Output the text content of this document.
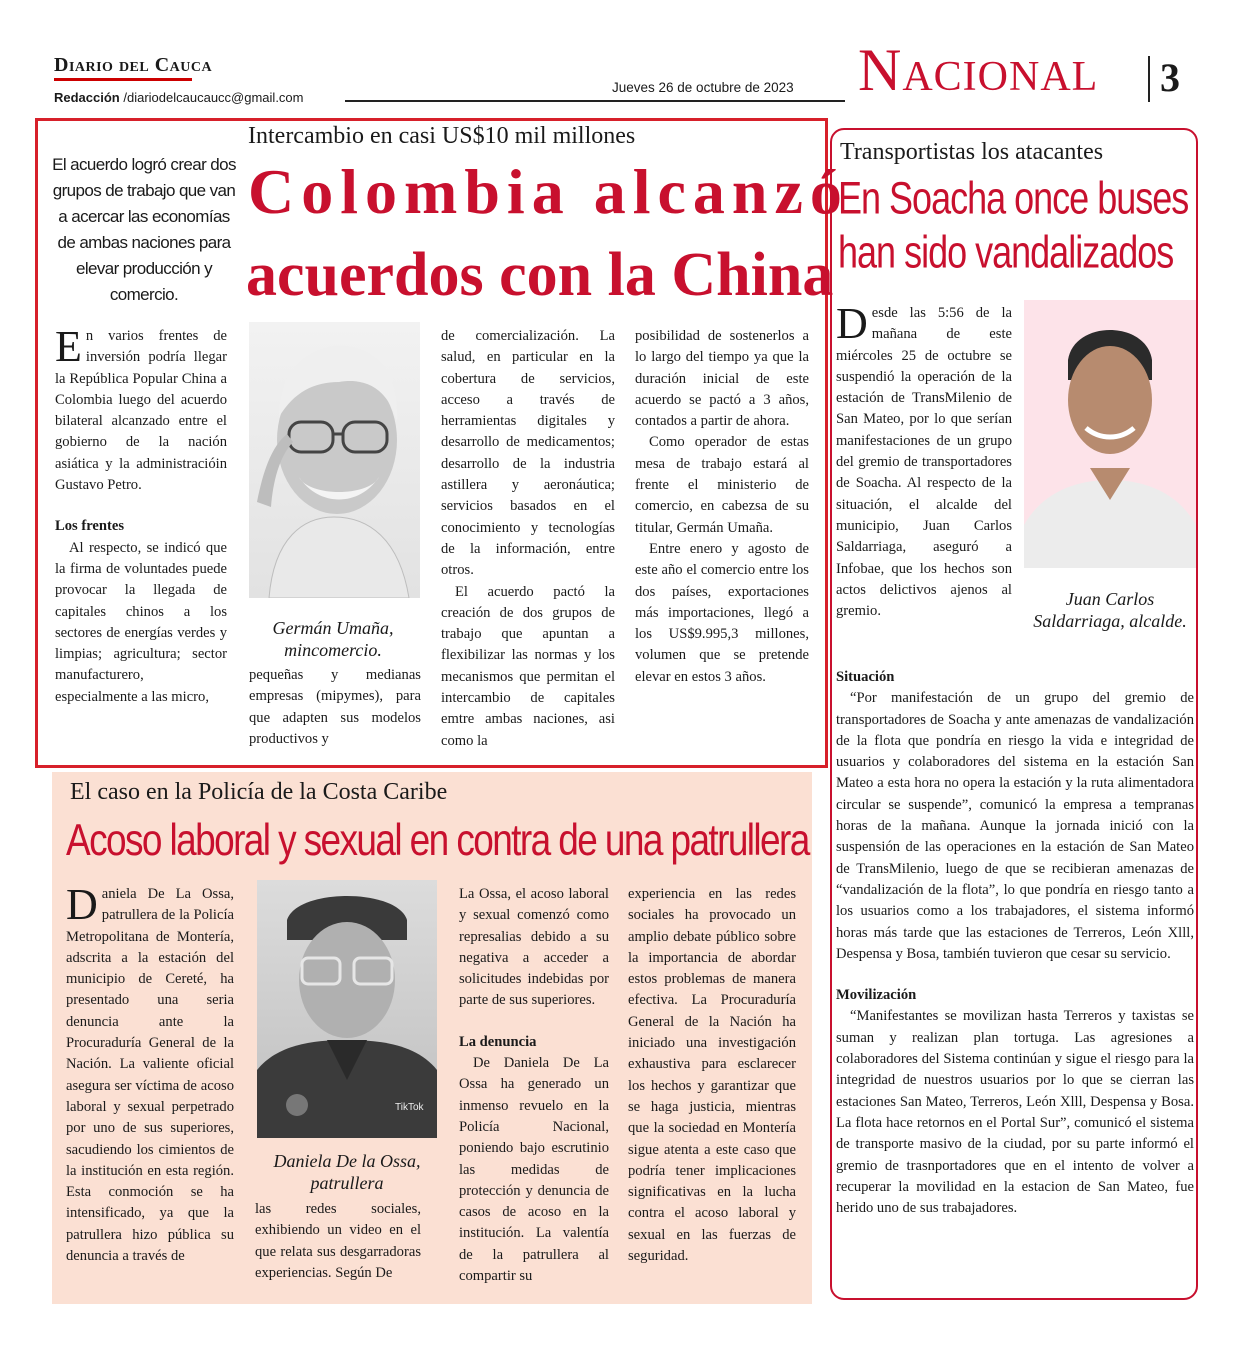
Diario del Cauca
Redacción /diariodelcaucaucc@gmail.com
Jueves 26 de octubre de 2023 Nacional 3
Intercambio en casi US$10 mil millones
Colombia alcanzó
acuerdos con la China
El acuerdo logró crear dos grupos de trabajo que van a acercar las economías de ambas naciones para elevar producción y comercio.
Germán Umaña,
mincomercio.

En varios frentes de inversión podría llegar la República Popular China a Colombia luego del acuerdo bilateral alcanzado entre el gobierno de la nación asiática y la administracióin Gustavo Petro.

Los frentes

Al respecto, se indicó que la firma de voluntades puede provocar la llegada de capitales chinos a los sectores de energías verdes y limpias; agricultura; sector manufacturero, especialmente a las micro,

pequeñas y medianas empresas (mipymes), para que adapten sus modelos productivos y

de comercialización. La salud, en particular en la cobertura de servicios, acceso a través de herramientas digitales y desarrollo de medicamentos; desarrollo de la industria astillera y aeronáutica; servicios basados en el conocimiento y tecnologías de la información, entre otros.

El acuerdo pactó la creación de dos grupos de trabajo que apuntan a flexibilizar las normas y los mecanismos que permitan el intercambio de capitales emtre ambas naciones, asi como la

posibilidad de sostenerlos a lo largo del tiempo ya que la duración inicial de este acuerdo se pactó a 3 años, contados a partir de ahora.

Como operador de estas mesa de trabajo estará al frente el ministerio de comercio, en cabezsa de su titular, Germán Umaña.

Entre enero y agosto de este año el comercio entre los dos países, exportaciones más importaciones, llegó a los US$9.995,3 millones, volumen que se pretende elevar en estos 3 años.

El caso en la Policía de la Costa Caribe
Acoso laboral y sexual en contra de una patrullera
TikTok
Daniela De la Ossa,
patrullera

Daniela De La Ossa, patrullera de la Policía Metropolitana de Montería, adscrita a la estación del municipio de Cereté, ha presentado una seria denuncia ante la Procuraduría General de la Nación. La valiente oficial asegura ser víctima de acoso laboral y sexual perpetrado por uno de sus superiores, sacudiendo los cimientos de la institución en esta región. Esta conmoción se ha intensificado, ya que la patrullera hizo pública su denuncia a través de

las redes sociales, exhibiendo un video en el que relata sus desgarradoras experiencias. Según De

La Ossa, el acoso laboral y sexual comenzó como represalias debido a su negativa a acceder a solicitudes indebidas por parte de sus superiores.

La denuncia

De Daniela De La Ossa ha generado un inmenso revuelo en la Policía Nacional, poniendo bajo escrutinio las medidas de protección y denuncia de casos de acoso en la institución. La valentía de la patrullera al compartir su

experiencia en las redes sociales ha provocado un amplio debate público sobre la importancia de abordar estos problemas de manera efectiva. La Procuraduría General de la Nación ha iniciado una investigación exhaustiva para esclarecer los hechos y garantizar que se haga justicia, mientras que la sociedad en Montería sigue atenta a este caso que podría tener implicaciones significativas en la lucha contra el acoso laboral y sexual en las fuerzas de seguridad.

Transportistas los atacantes
En Soacha once buses
han sido vandalizados
Juan Carlos
Saldarriaga, alcalde.

Desde las 5:56 de la mañana de este miércoles 25 de octubre se suspendió la operación de la estación de TransMilenio de San Mateo, por lo que serían manifestaciones de un grupo del gremio de transportadores de Soacha. Al respecto de la situación, el alcalde del municipio, Juan Carlos Saldarriaga, aseguró a Infobae, que los hechos son actos delictivos ajenos al gremio.

Situación

“Por manifestación de un grupo del gremio de transportadores de Soacha y ante amenazas de vandalización de la flota que pondría en riesgo la vida e integridad de usuarios y colaboradores del sistema en la estación San Mateo a esta hora no opera la estación y la ruta alimentadora circular se suspende”, comunicó la empresa a tempranas horas de la mañana. Aunque la jornada inició con la suspensión de las operaciones en la estación de San Mateo de TransMilenio, luego de que se recibieran amenazas de “vandalización de la flota”, lo que pondría en riesgo tanto a los usuarios como a los trabajadores, el sistema informó horas más tarde que las estaciones de Terreros, León Xlll, Despensa y Bosa, también tuvieron que cesar su servicio.

Movilización

“Manifestantes se movilizan hasta Terreros y taxistas se suman y realizan plan tortuga. Las agresiones a colaboradores del Sistema continúan y sigue el riesgo para la integridad de nuestros usuarios por lo que se cierran las estaciones San Mateo, Terreros, León Xlll, Despensa y Bosa. La flota hace retornos en el Portal Sur”, comunicó el sistema de transporte masivo de la ciudad, por su parte informó el gremio de trasnportadores que en el intento de volver a recuperar la movilidad en la estacion de San Mateo, fue herido uno de sus trabajadores.
